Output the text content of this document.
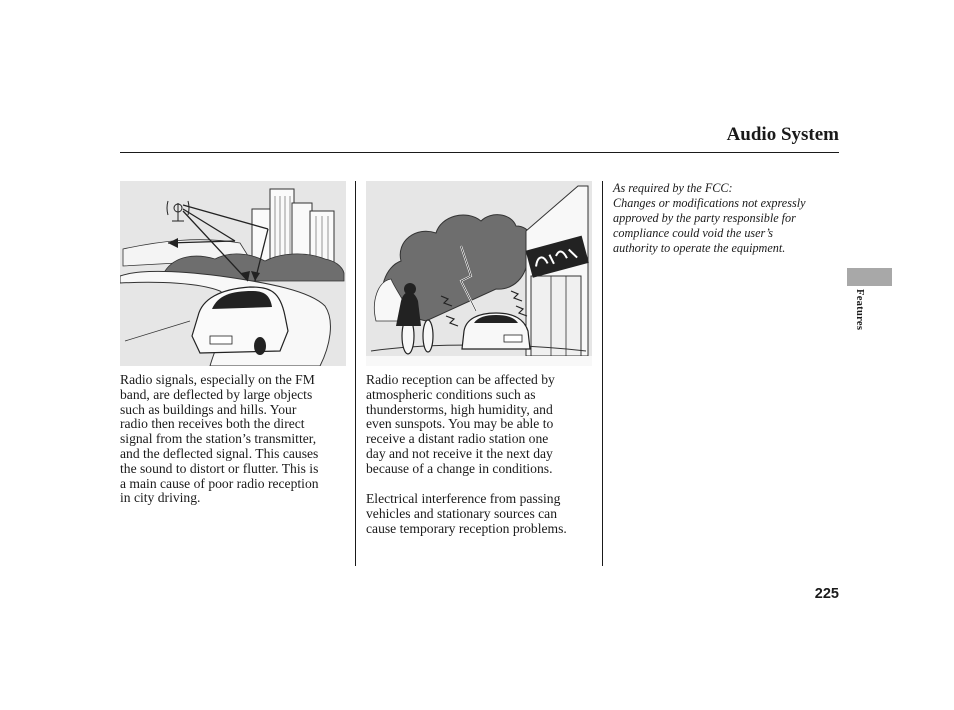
Audio System
Radio signals, especially on the FM
band, are deflected by large objects
such as buildings and hills. Your
radio then receives both the direct
signal from the station’s transmitter,
and the deflected signal. This causes
the sound to distort or flutter. This is
a main cause of poor radio reception
in city driving.
Radio reception can be affected by
atmospheric conditions such as
thunderstorms, high humidity, and
even sunspots. You may be able to
receive a distant radio station one
day and not receive it the next day
because of a change in conditions.
Electrical interference from passing
vehicles and stationary sources can
cause temporary reception problems.
As required by the FCC:
Changes or modifications not expressly
approved by the party responsible for
compliance could void the user’s
authority to operate the equipment.
Features
225
